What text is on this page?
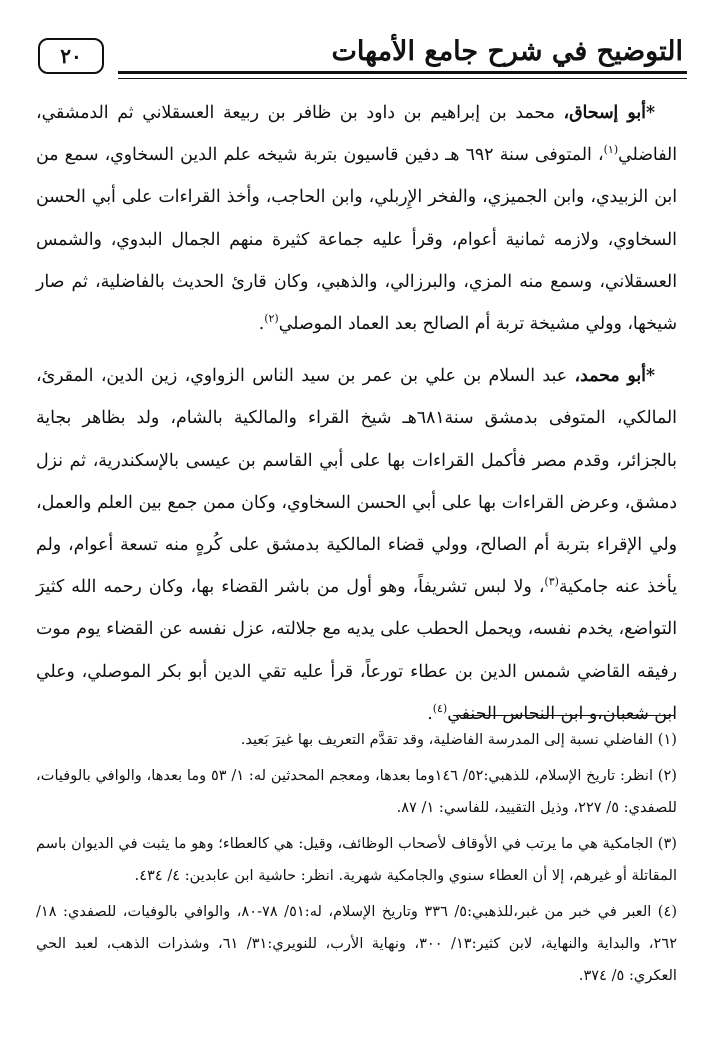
التوضيح في شرح جامع الأمهات
٢٠

*أبو إسحاق، محمد بن إبراهيم بن داود بن ظافر بن ربيعة العسقلاني ثم الدمشقي، الفاضلي$^{(١)}$، المتوفى سنة ٦٩٢ هـ دفين قاسيون بتربة شيخه علم الدين السخاوي، سمع من ابن الزبيدي، وابن الجميزي، والفخر الإِربلي، وابن الحاجب، وأخذ القراءات على أبي الحسن السخاوي، ولازمه ثمانية أعوام، وقرأ عليه جماعة كثيرة منهم الجمال البدوي، والشمس العسقلاني، وسمع منه المزي، والبرزالي، والذهبي، وكان قارئ الحديث بالفاضلية، ثم صار شيخها، وولي مشيخة تربة أم الصالح بعد العماد الموصلي$^{(٢)}$.

*أبو محمد، عبد السلام بن علي بن عمر بن سيد الناس الزواوي، زين الدين، المقرئ، المالكي، المتوفى بدمشق سنة٦٨١هـ شيخ القراء والمالكية بالشام، ولد بظاهر بجاية بالجزائر، وقدم مصر فأكمل القراءات بها على أبي القاسم بن عيسى بالإسكندرية، ثم نزل دمشق، وعرض القراءات بها على أبي الحسن السخاوي، وكان ممن جمع بين العلم والعمل، ولي الإقراء بتربة أم الصالح، وولي قضاء المالكية بدمشق على كُرهٍ منه تسعة أعوام، ولم يأخذ عنه جامكية$^{(٣)}$، ولا لبس تشريفاً، وهو أول من باشر القضاء بها، وكان رحمه الله كثيرَ التواضع، يخدم نفسه، ويحمل الحطب على يديه مع جلالته، عزل نفسه عن القضاء يوم موت رفيقه القاضي شمس الدين بن عطاء تورعاً، قرأ عليه تقي الدين أبو بكر الموصلي، وعلي ابن شعبان،و ابن النحاس الحنفي$^{(٤)}$.

(١) الفاضلي نسبة إلى المدرسة الفاضلية، وقد تقدَّم التعريف بها غيرَ بَعيد.

(٢) انظر: تاريخ الإسلام، للذهبي:٥٢/ ١٤٦وما بعدها، ومعجم المحدثين له: ١/ ٥٣ وما بعدها، والوافي بالوفيات، للصفدي: ٥/ ٢٢٧، وذيل التقييد، للفاسي: ١/ ٨٧.

(٣) الجامكية هي ما يرتب في الأوقاف لأصحاب الوظائف، وقيل: هي كالعطاء؛ وهو ما يثبت في الديوان باسم المقاتلة أو غيرهم، إلا أن العطاء سنوي والجامكية شهرية. انظر: حاشية ابن عابدين: ٤/ ٤٣٤.

(٤) العبر في خبر من غبر،للذهبي:٥/ ٣٣٦ وتاريخ الإسلام، له:٥١/ ٧٨-٨٠، والوافي بالوفيات، للصفدي: ١٨/ ٢٦٢، والبداية والنهاية، لابن كثير:١٣/ ٣٠٠، ونهاية الأرب، للنويري:٣١/ ٦١، وشذرات الذهب، لعبد الحي العكري: ٥/ ٣٧٤.
